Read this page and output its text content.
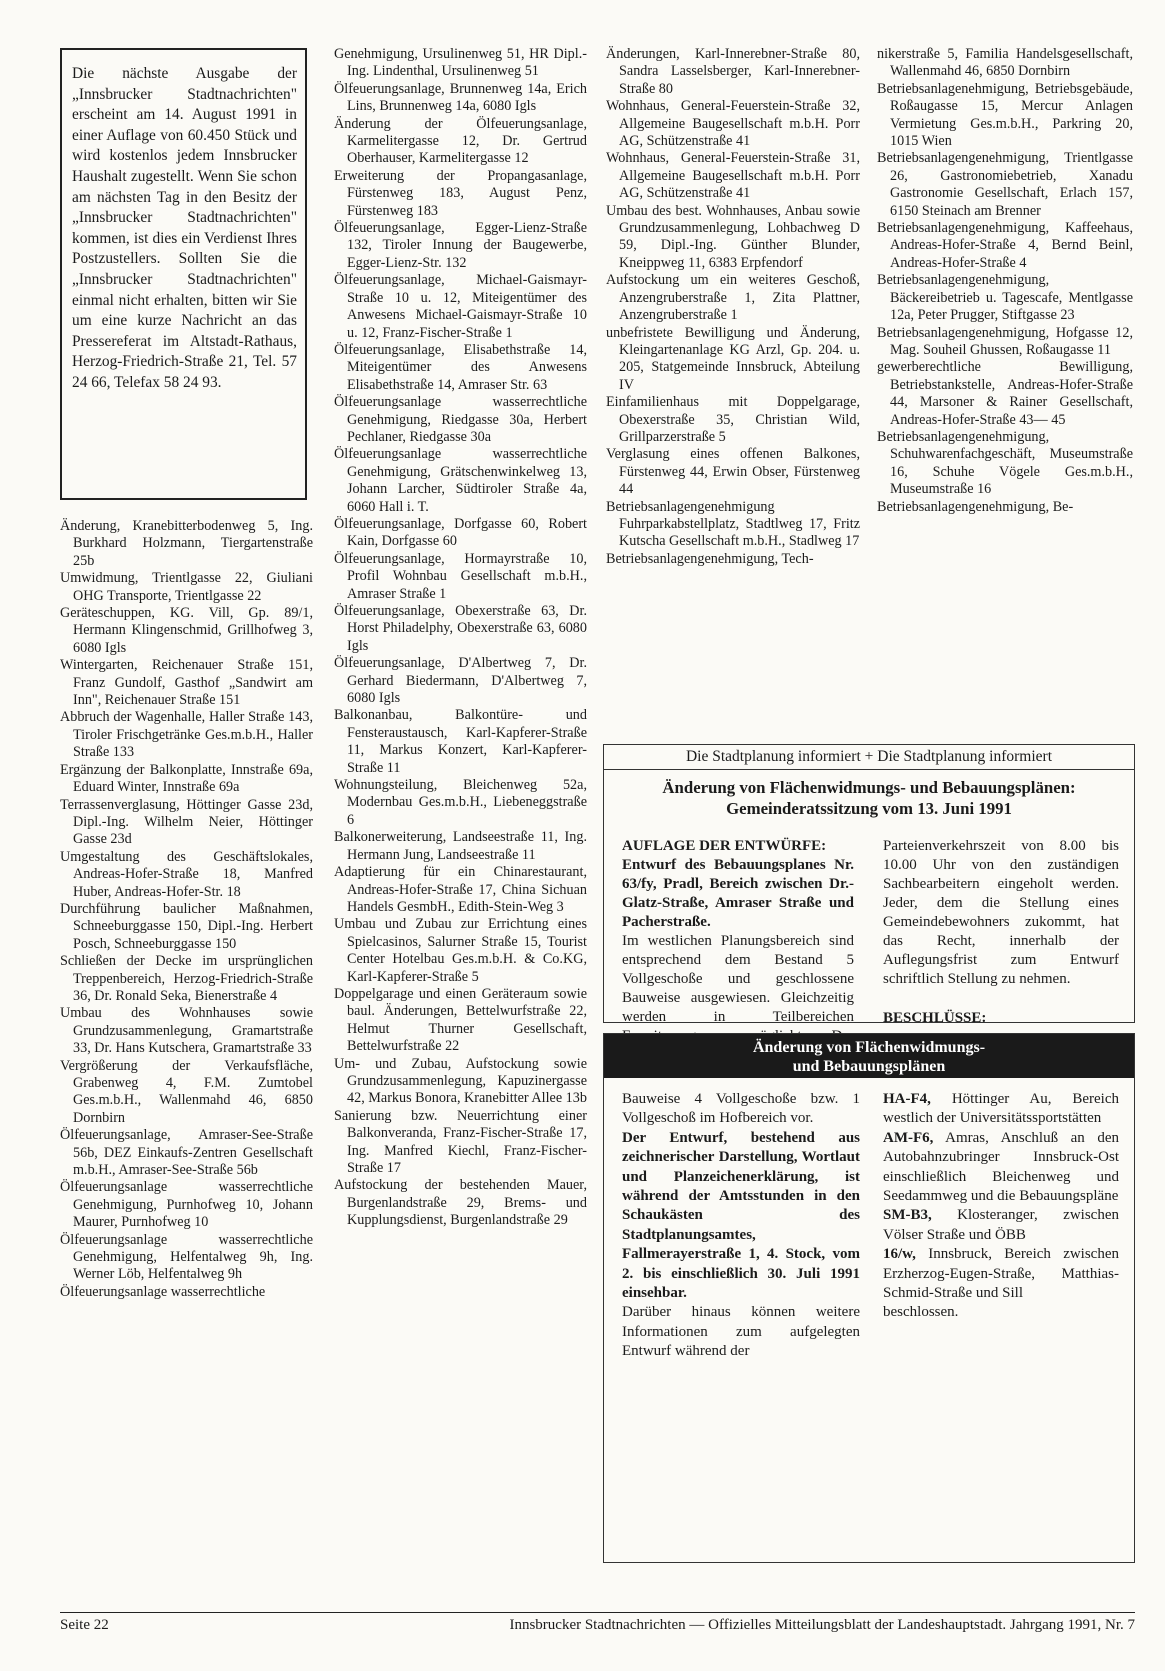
Die nächste Ausgabe der „Innsbrucker Stadtnachrichten" erscheint am 14. August 1991 in einer Auflage von 60.450 Stück und wird kostenlos jedem Innsbrucker Haushalt zugestellt. Wenn Sie schon am nächsten Tag in den Besitz der „Innsbrucker Stadtnachrichten" kommen, ist dies ein Verdienst Ihres Postzustellers. Sollten Sie die „Innsbrucker Stadtnachrichten" einmal nicht erhalten, bitten wir Sie um eine kurze Nachricht an das Pressereferat im Altstadt-Rathaus, Herzog-Friedrich-Straße 21, Tel. 57 24 66, Telefax 58 24 93.

Änderung, Kranebitterbodenweg 5, Ing. Burkhard Holzmann, Tiergartenstraße 25b

Umwidmung, Trientlgasse 22, Giuliani OHG Transporte, Trientlgasse 22

Geräteschuppen, KG. Vill, Gp. 89/1, Hermann Klingenschmid, Grillhofweg 3, 6080 Igls

Wintergarten, Reichenauer Straße 151, Franz Gundolf, Gasthof „Sandwirt am Inn", Reichenauer Straße 151

Abbruch der Wagenhalle, Haller Straße 143, Tiroler Frischgetränke Ges.m.b.H., Haller Straße 133

Ergänzung der Balkonplatte, Innstraße 69a, Eduard Winter, Innstraße 69a

Terrassenverglasung, Höttinger Gasse 23d, Dipl.-Ing. Wilhelm Neier, Höttinger Gasse 23d

Umgestaltung des Geschäftslokales, Andreas-Hofer-Straße 18, Manfred Huber, Andreas-Hofer-Str. 18

Durchführung baulicher Maßnahmen, Schneeburggasse 150, Dipl.-Ing. Herbert Posch, Schneeburggasse 150

Schließen der Decke im ursprünglichen Treppenbereich, Herzog-Friedrich-Straße 36, Dr. Ronald Seka, Bienerstraße 4

Umbau des Wohnhauses sowie Grundzusammenlegung, Gramartstraße 33, Dr. Hans Kutschera, Gramartstraße 33

Vergrößerung der Verkaufsfläche, Grabenweg 4, F.M. Zumtobel Ges.m.b.H., Wallenmahd 46, 6850 Dornbirn

Ölfeuerungsanlage, Amraser-See-Straße 56b, DEZ Einkaufs-Zentren Gesellschaft m.b.H., Amraser-See-Straße 56b

Ölfeuerungsanlage wasserrechtliche Genehmigung, Purnhofweg 10, Johann Maurer, Purnhofweg 10

Ölfeuerungsanlage wasserrechtliche Genehmigung, Helfentalweg 9h, Ing. Werner Löb, Helfentalweg 9h

Ölfeuerungsanlage wasserrechtliche

Genehmigung, Ursulinenweg 51, HR Dipl.-Ing. Lindenthal, Ursulinenweg 51

Ölfeuerungsanlage, Brunnenweg 14a, Erich Lins, Brunnenweg 14a, 6080 Igls

Änderung der Ölfeuerungsanlage, Karmelitergasse 12, Dr. Gertrud Oberhauser, Karmelitergasse 12

Erweiterung der Propangasanlage, Fürstenweg 183, August Penz, Fürstenweg 183

Ölfeuerungsanlage, Egger-Lienz-Straße 132, Tiroler Innung der Baugewerbe, Egger-Lienz-Str. 132

Ölfeuerungsanlage, Michael-Gaismayr-Straße 10 u. 12, Miteigentümer des Anwesens Michael-Gaismayr-Straße 10 u. 12, Franz-Fischer-Straße 1

Ölfeuerungsanlage, Elisabethstraße 14, Miteigentümer des Anwesens Elisabethstraße 14, Amraser Str. 63

Ölfeuerungsanlage wasserrechtliche Genehmigung, Riedgasse 30a, Herbert Pechlaner, Riedgasse 30a

Ölfeuerungsanlage wasserrechtliche Genehmigung, Grätschenwinkelweg 13, Johann Larcher, Südtiroler Straße 4a, 6060 Hall i. T.

Ölfeuerungsanlage, Dorfgasse 60, Robert Kain, Dorfgasse 60

Ölfeuerungsanlage, Hormayrstraße 10, Profil Wohnbau Gesellschaft m.b.H., Amraser Straße 1

Ölfeuerungsanlage, Obexerstraße 63, Dr. Horst Philadelphy, Obexerstraße 63, 6080 Igls

Ölfeuerungsanlage, D'Albertweg 7, Dr. Gerhard Biedermann, D'Albertweg 7, 6080 Igls

Balkonanbau, Balkontüre- und Fensteraustausch, Karl-Kapferer-Straße 11, Markus Konzert, Karl-Kapferer-Straße 11

Wohnungsteilung, Bleichenweg 52a, Modernbau Ges.m.b.H., Liebeneggstraße 6

Balkonerweiterung, Landseestraße 11, Ing. Hermann Jung, Landseestraße 11

Adaptierung für ein Chinarestaurant, Andreas-Hofer-Straße 17, China Sichuan Handels GesmbH., Edith-Stein-Weg 3

Umbau und Zubau zur Errichtung eines Spielcasinos, Salurner Straße 15, Tourist Center Hotelbau Ges.m.b.H. & Co.KG, Karl-Kapferer-Straße 5

Doppelgarage und einen Geräteraum sowie baul. Änderungen, Bettelwurfstraße 22, Helmut Thurner Gesellschaft, Bettelwurfstraße 22

Um- und Zubau, Aufstockung sowie Grundzusammenlegung, Kapuzinergasse 42, Markus Bonora, Kranebitter Allee 13b

Sanierung bzw. Neuerrichtung einer Balkonveranda, Franz-Fischer-Straße 17, Ing. Manfred Kiechl, Franz-Fischer-Straße 17

Aufstockung der bestehenden Mauer, Burgenlandstraße 29, Brems- und Kupplungsdienst, Burgenlandstraße 29

Änderungen, Karl-Innerebner-Straße 80, Sandra Lasselsberger, Karl-Innerebner-Straße 80

Wohnhaus, General-Feuerstein-Straße 32, Allgemeine Baugesellschaft m.b.H. Porr AG, Schützenstraße 41

Wohnhaus, General-Feuerstein-Straße 31, Allgemeine Baugesellschaft m.b.H. Porr AG, Schützenstraße 41

Umbau des best. Wohnhauses, Anbau sowie Grundzusammenlegung, Lohbachweg D 59, Dipl.-Ing. Günther Blunder, Kneippweg 11, 6383 Erpfendorf

Aufstockung um ein weiteres Geschoß, Anzengruberstraße 1, Zita Plattner, Anzengruberstraße 1

unbefristete Bewilligung und Änderung, Kleingartenanlage KG Arzl, Gp. 204. u. 205, Statgemeinde Innsbruck, Abteilung IV

Einfamilienhaus mit Doppelgarage, Obexerstraße 35, Christian Wild, Grillparzerstraße 5

Verglasung eines offenen Balkones, Fürstenweg 44, Erwin Obser, Fürstenweg 44

Betriebsanlagengenehmigung Fuhrparkabstellplatz, Stadtlweg 17, Fritz Kutscha Gesellschaft m.b.H., Stadlweg 17

Betriebsanlagengenehmigung, Tech-

nikerstraße 5, Familia Handelsgesellschaft, Wallenmahd 46, 6850 Dornbirn

Betriebsanlagenehmigung, Betriebsgebäude, Roßaugasse 15, Mercur Anlagen Vermietung Ges.m.b.H., Parkring 20, 1015 Wien

Betriebsanlagengenehmigung, Trientlgasse 26, Gastronomiebetrieb, Xanadu Gastronomie Gesellschaft, Erlach 157, 6150 Steinach am Brenner

Betriebsanlagengenehmigung, Kaffeehaus, Andreas-Hofer-Straße 4, Bernd Beinl, Andreas-Hofer-Straße 4

Betriebsanlagengenehmigung, Bäckereibetrieb u. Tagescafe, Mentlgasse 12a, Peter Prugger, Stiftgasse 23

Betriebsanlagengenehmigung, Hofgasse 12, Mag. Souheil Ghussen, Roßaugasse 11

gewerberechtliche Bewilligung, Betriebstankstelle, Andreas-Hofer-Straße 44, Marsoner & Rainer Gesellschaft, Andreas-Hofer-Straße 43— 45

Betriebsanlagengenehmigung, Schuhwarenfachgeschäft, Museumstraße 16, Schuhe Vögele Ges.m.b.H., Museumstraße 16

Betriebsanlagengenehmigung, Be-

Die Stadtplanung informiert + Die Stadtplanung informiert
Änderung von Flächenwidmungs- und Bebauungsplänen:
Gemeinderatssitzung vom 13. Juni 1991

AUFLAGE DER ENTWÜRFE:

Entwurf des Bebauungsplanes Nr. 63/fy, Pradl, Bereich zwischen Dr.-Glatz-Straße, Amraser Straße und Pacherstraße.

Im westlichen Planungsbereich sind entsprechend dem Bestand 5 Vollgeschoße und geschlossene Bauweise ausgewiesen. Gleichzeitig werden in Teilbereichen

Parteienverkehrszeit von 8.00 bis 10.00 Uhr von den zuständigen Sachbearbeitern eingeholt werden. Jeder, dem die Stellung eines Gemeindebewohners zukommt, hat das Recht, innerhalb der Auflegungsfrist zum Entwurf schriftlich Stellung zu nehmen.

BESCHLÜSSE:

Änderung von Flächenwidmungs-
und Bebauungsplänen

Bauweise 4 Vollgeschoße bzw. 1 Vollgeschoß im Hofbereich vor.

Der Entwurf, bestehend aus zeichnerischer Darstellung, Wortlaut und Planzeichenerklärung, ist während der Amtsstunden in den Schaukästen des Stadtplanungsamtes, Fallmerayerstraße 1, 4. Stock, vom 2. bis einschließlich 30. Juli 1991 einsehbar.

Darüber hinaus können weitere Informationen zum aufgelegten Entwurf während der

HA-F4, Höttinger Au, Bereich westlich der Universitätssportstätten

AM-F6, Amras, Anschluß an den Autobahnzubringer Innsbruck-Ost einschließlich Bleichenweg und Seedammweg und die Bebauungspläne

SM-B3, Klosteranger, zwischen Völser Straße und ÖBB

16/w, Innsbruck, Bereich zwischen Erzherzog-Eugen-Straße, Matthias-Schmid-Straße und Sill

beschlossen.

Seite 22	Innsbrucker Stadtnachrichten — Offizielles Mitteilungsblatt der Landeshauptstadt. Jahrgang 1991, Nr. 7
